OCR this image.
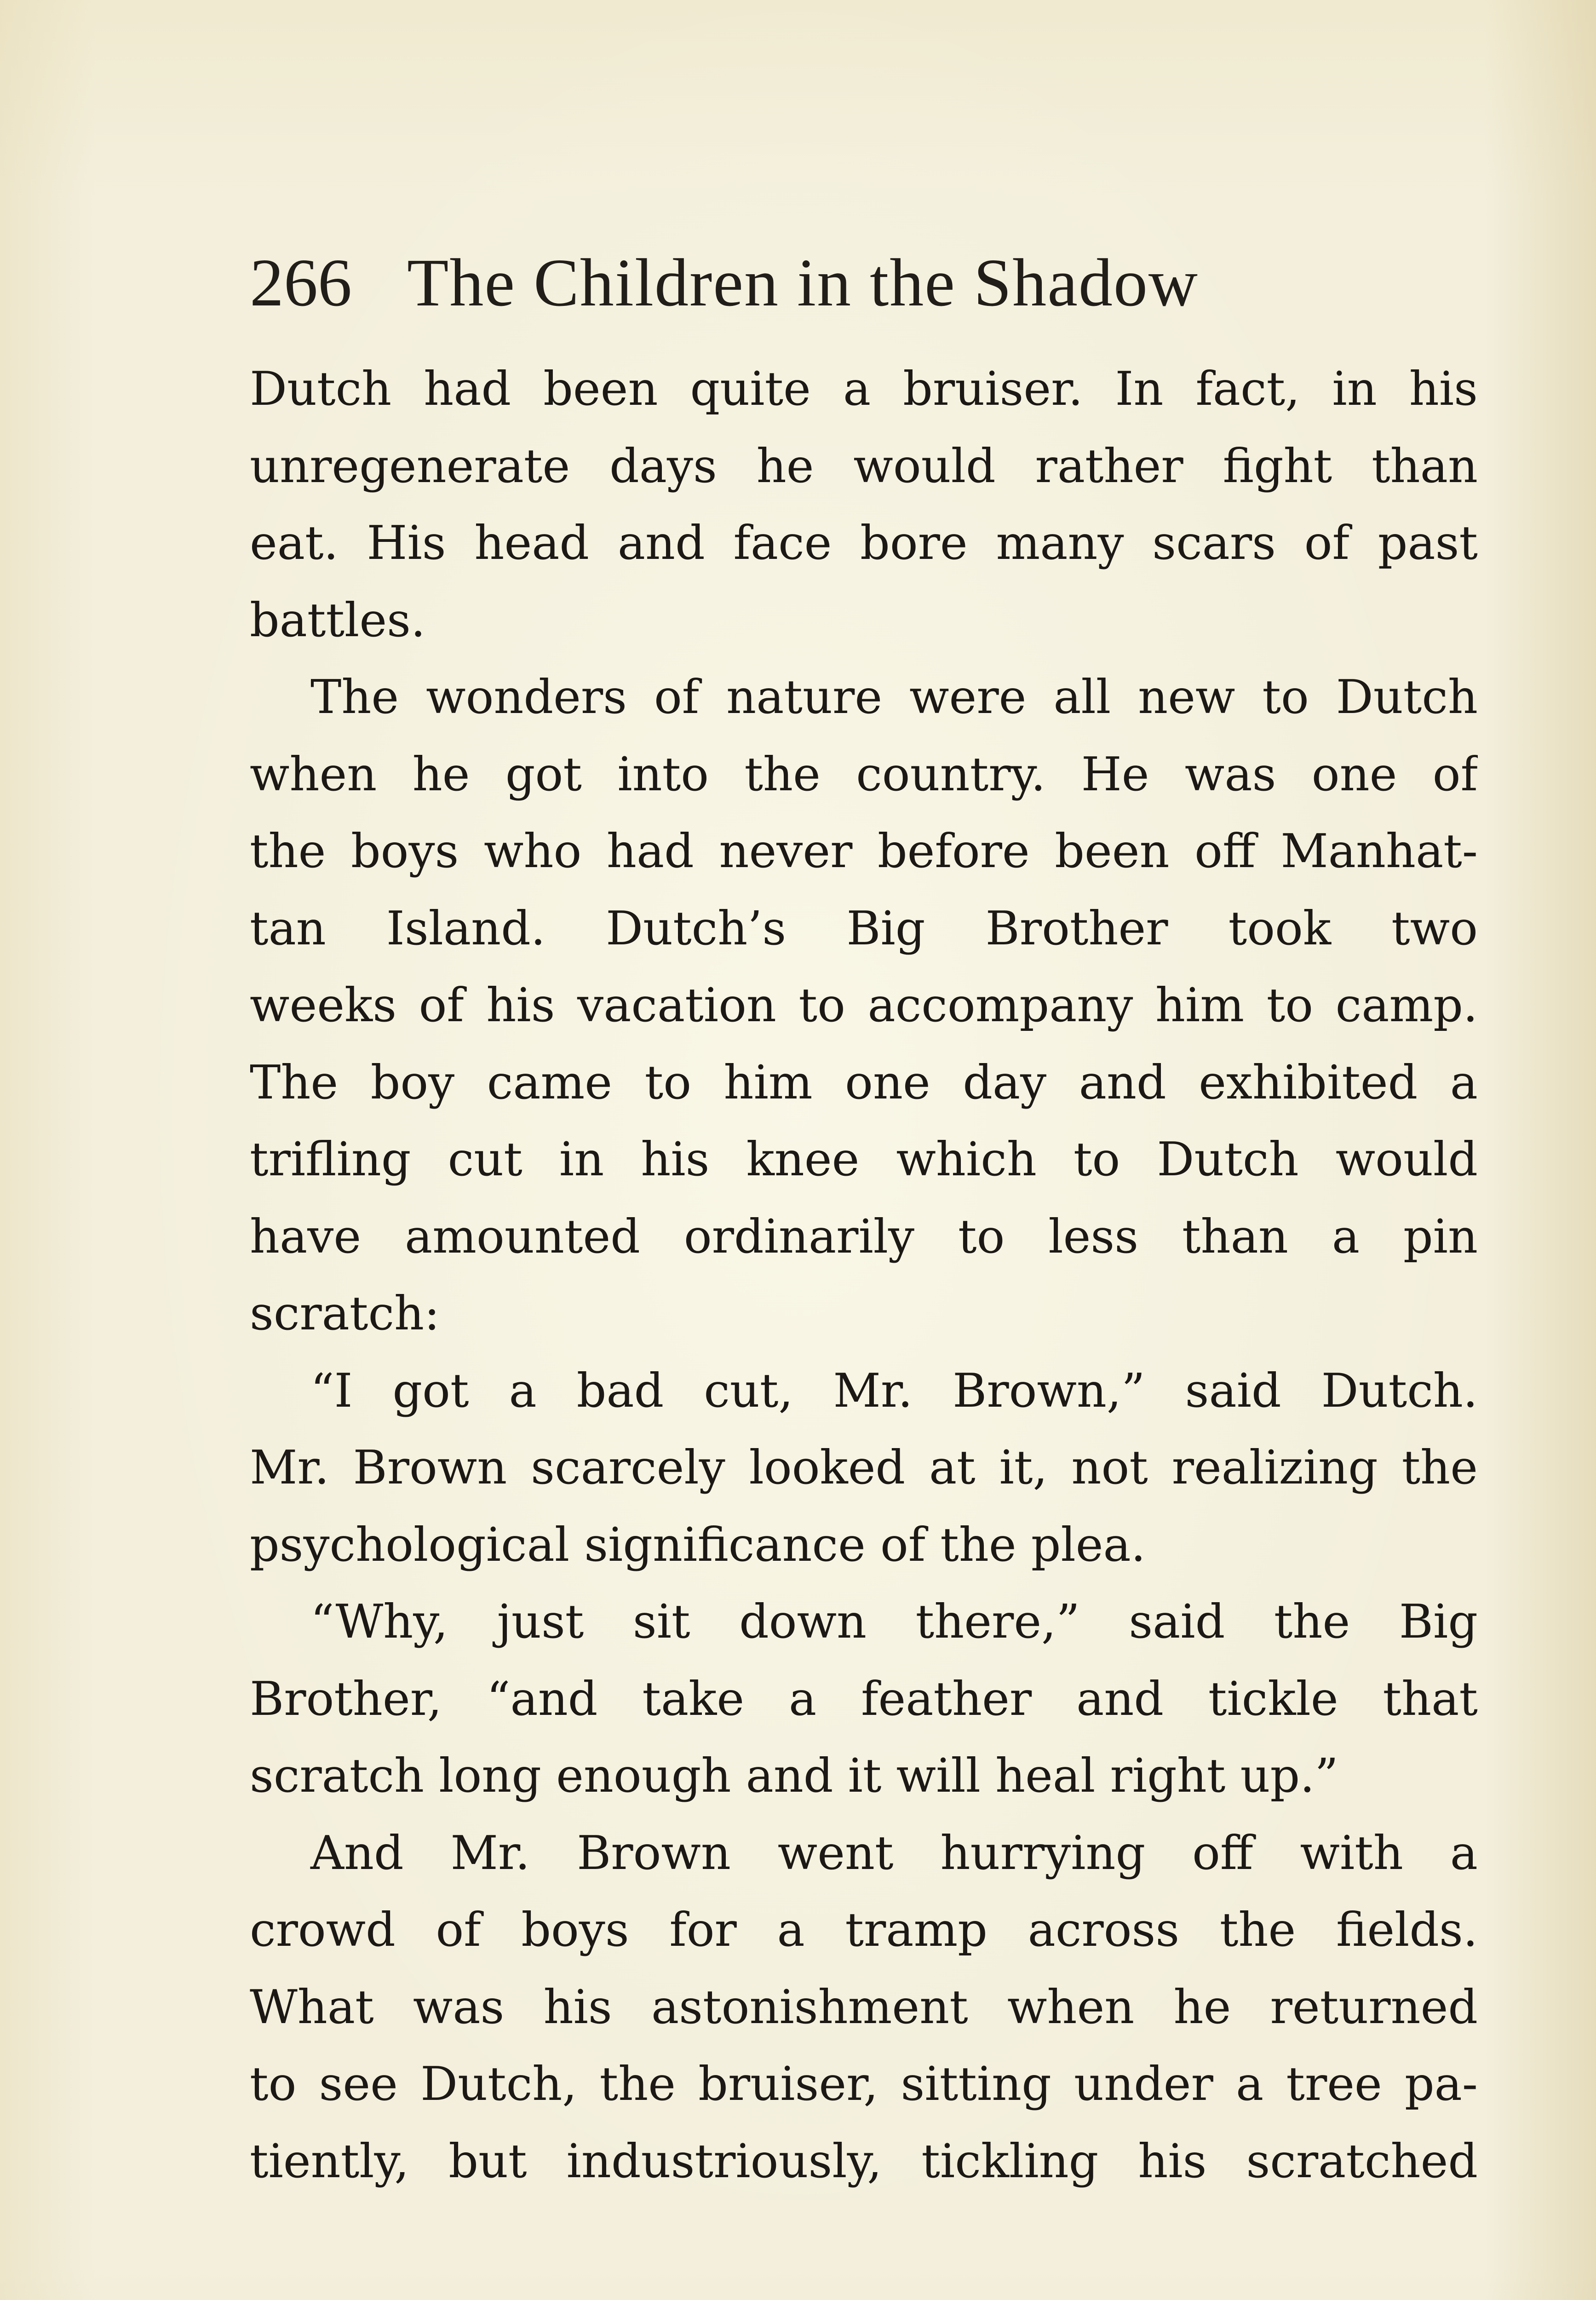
266 The Children in the Shadow
Dutch had been quite a bruiser. In fact, in his
unregenerate days he would rather fight than
eat. His head and face bore many scars of past
battles.
The wonders of nature were all new to Dutch
when he got into the country. He was one of
the boys who had never before been off Manhat-
tan Island. Dutch’s Big Brother took two
weeks of his vacation to accompany him to camp.
The boy came to him one day and exhibited a
trifling cut in his knee which to Dutch would
have amounted ordinarily to less than a pin
scratch:
“I got a bad cut, Mr. Brown,” said Dutch.
Mr. Brown scarcely looked at it, not realizing the
psychological significance of the plea.
“Why, just sit down there,” said the Big
Brother, “and take a feather and tickle that
scratch long enough and it will heal right up.”
And Mr. Brown went hurrying off with a
crowd of boys for a tramp across the fields.
What was his astonishment when he returned
to see Dutch, the bruiser, sitting under a tree pa-
tiently, but industriously, tickling his scratched
